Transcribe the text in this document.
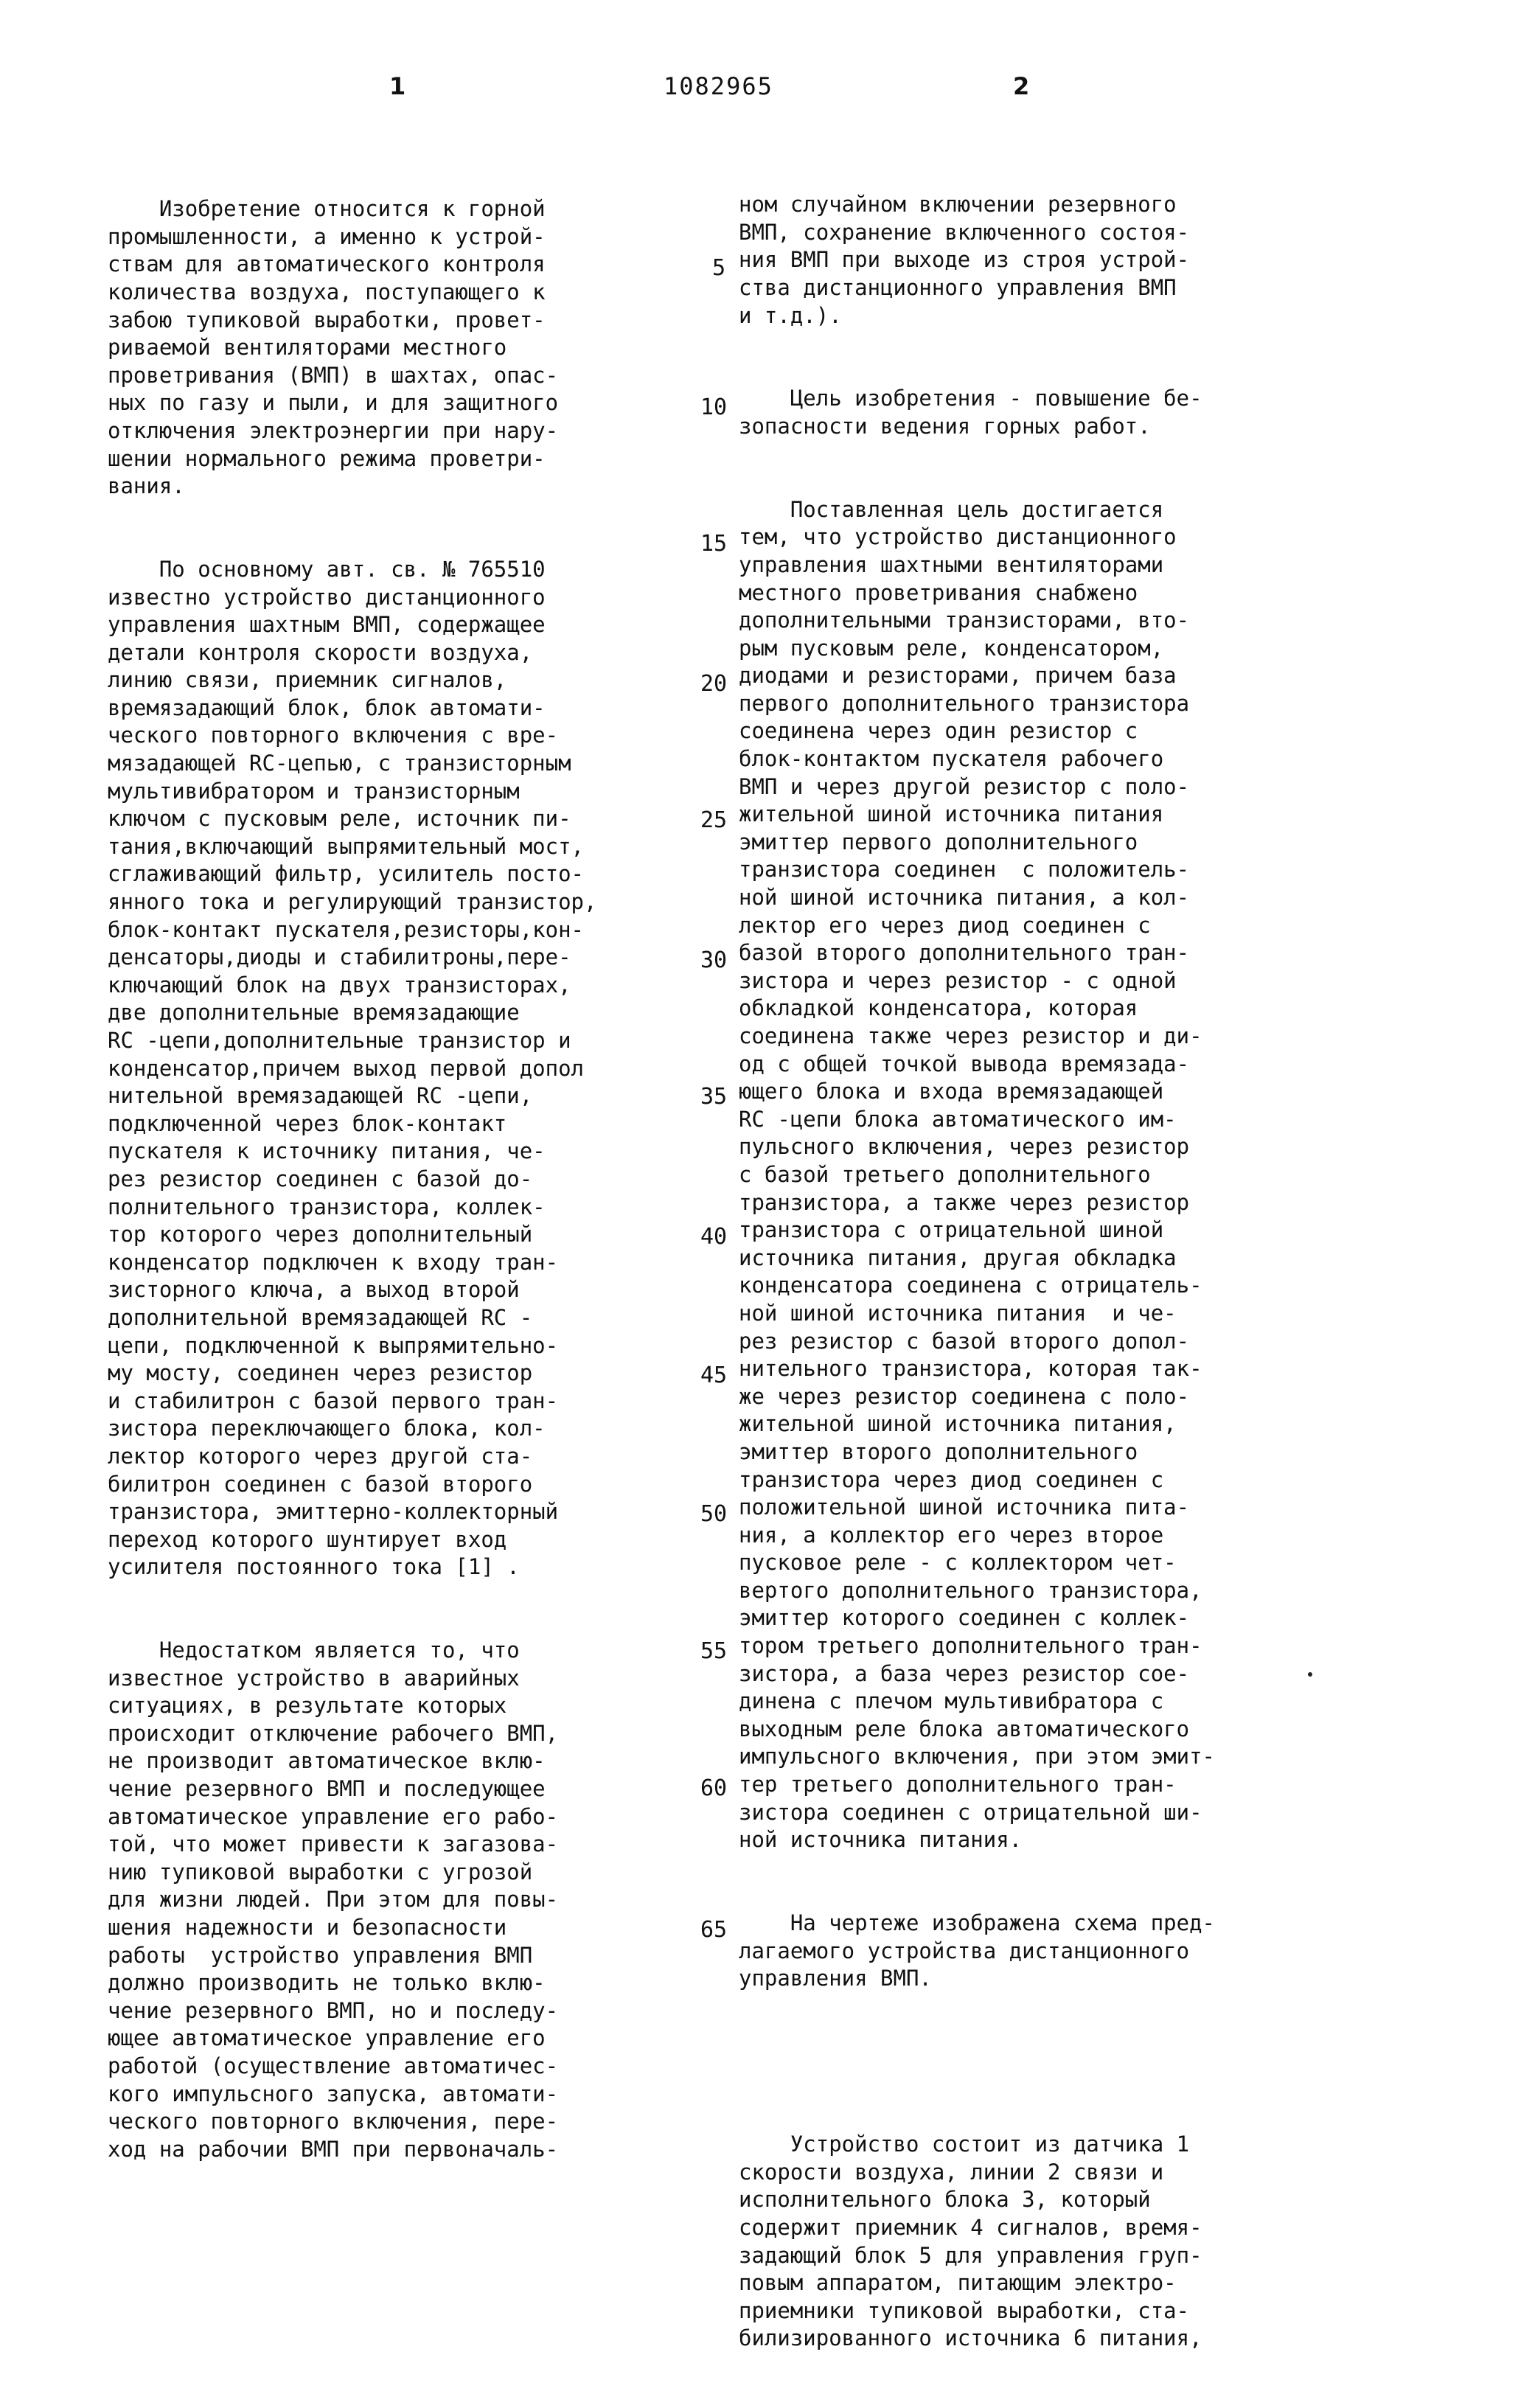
1	1082965	2

Изобретение относится к горной
промышленности, а именно к устрой-
ствам для автоматического контроля
количества воздуха, поступающего к
забою тупиковой выработки, провет-
риваемой вентиляторами местного
проветривания (ВМП) в шахтах, опас-
ных по газу и пыли, и для защитного
отключения электроэнергии при нару-
шении нормального режима проветри-
вания.

По основному авт. св. № 765510
известно устройство дистанционного
управления шахтным ВМП, содержащее
детали контроля скорости воздуха,
линию связи, приемник сигналов,
времязадающий блок, блок автомати-
ческого повторного включения с вре-
мязадающей RC-цепью, с транзисторным
мультивибратором и транзисторным
ключом с пусковым реле, источник пи-
тания,включающий выпрямительный мост,
сглаживающий фильтр, усилитель посто-
янного тока и регулирующий транзистор,
блок-контакт пускателя,резисторы,кон-
денсаторы,диоды и стабилитроны,пере-
ключающий блок на двух транзисторах,
две дополнительные времязадающие
RC -цепи,дополнительные транзистор и
конденсатор,причем выход первой допол
нительной времязадающей RC -цепи,
подключенной через блок-контакт
пускателя к источнику питания, че-
рез резистор соединен с базой до-
полнительного транзистора, коллек-
тор которого через дополнительный
конденсатор подключен к входу тран-
зисторного ключа, а выход второй
дополнительной времязадающей RC -
цепи, подключенной к выпрямительно-
му мосту, соединен через резистор
и стабилитрон с базой первого тран-
зистора переключающего блока, кол-
лектор которого через другой ста-
билитрон соединен с базой второго
транзистора, эмиттерно-коллекторный
переход которого шунтирует вход
усилителя постоянного тока [1] .

Недостатком является то, что
известное устройство в аварийных
ситуациях, в результате которых
происходит отключение рабочего ВМП,
не производит автоматическое вклю-
чение резервного ВМП и последующее
автоматическое управление его рабо-
той, что может привести к загазова-
нию тупиковой выработки с угрозой
для жизни людей. При этом для повы-
шения надежности и безопасности
работы  устройство управления ВМП
должно производить не только вклю-
чение резервного ВМП, но и последу-
ющее автоматическое управление его
работой (осуществление автоматичес-
кого импульсного запуска, автомати-
ческого повторного включения, пере-
ход на рабочии ВМП при первоначаль-

ном случайном включении резервного
ВМП, сохранение включенного состоя-
ния ВМП при выходе из строя устрой-
ства дистанционного управления ВМП
и т.д.).

Цель изобретения - повышение бе-
зопасности ведения горных работ.

Поставленная цель достигается
тем, что устройство дистанционного
управления шахтными вентиляторами
местного проветривания снабжено
дополнительными транзисторами, вто-
рым пусковым реле, конденсатором,
диодами и резисторами, причем база
первого дополнительного транзистора
соединена через один резистор с
блок-контактом пускателя рабочего
ВМП и через другой резистор с поло-
жительной шиной источника питания
эмиттер первого дополнительного
транзистора соединен  с положитель-
ной шиной источника питания, а кол-
лектор его через диод соединен с
базой второго дополнительного тран-
зистора и через резистор - с одной
обкладкой конденсатора, которая
соединена также через резистор и ди-
од с общей точкой вывода времязада-
ющего блока и входа времязадающей
RC -цепи блока автоматического им-
пульсного включения, через резистор
с базой третьего дополнительного
транзистора, а также через резистор
транзистора с отрицательной шиной
источника питания, другая обкладка
конденсатора соединена с отрицатель-
ной шиной источника питания  и че-
рез резистор с базой второго допол-
нительного транзистора, которая так-
же через резистор соединена с поло-
жительной шиной источника питания,
эмиттер второго дополнительного
транзистора через диод соединен с
положительной шиной источника пита-
ния, а коллектор его через второе
пусковое реле - с коллектором чет-
вертого дополнительного транзистора,
эмиттер которого соединен с коллек-
тором третьего дополнительного тран-
зистора, а база через резистор сое-
динена с плечом мультивибратора с
выходным реле блока автоматического
импульсного включения, при этом эмит-
тер третьего дополнительного тран-
зистора соединен с отрицательной ши-
ной источника питания.

На чертеже изображена схема пред-
лагаемого устройства дистанционного
управления ВМП.

Устройство состоит из датчика 1
скорости воздуха, линии 2 связи и
исполнительного блока 3, который
содержит приемник 4 сигналов, время-
задающий блок 5 для управления груп-
повым аппаратом, питающим электро-
приемники тупиковой выработки, ста-
билизированного источника 6 питания,

5
10
15
20
25
30
35
40
45
50
55
60
65
